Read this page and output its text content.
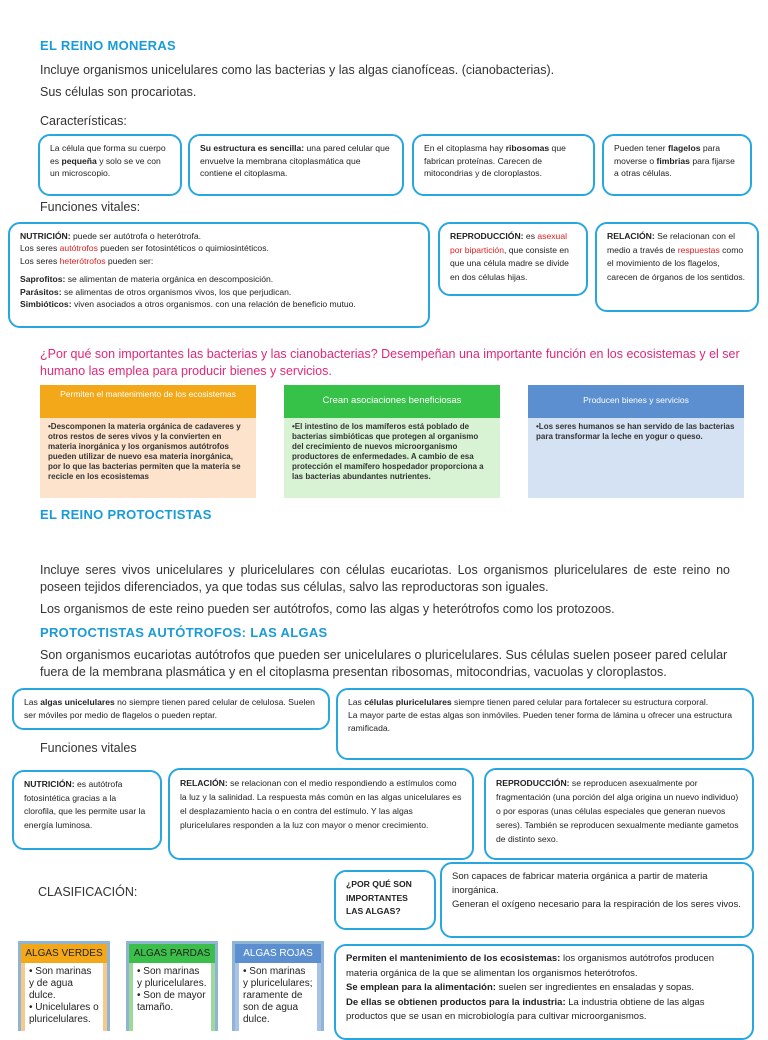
EL REINO MONERAS
Incluye organismos unicelulares como las bacterias y las algas cianofíceas. (cianobacterias).
Sus células son procariotas.
Características:
La célula que forma su cuerpo es pequeña y solo se ve con un microscopio.
Su estructura es sencilla: una pared celular que envuelve la membrana citoplasmática que contiene el citoplasma.
En el citoplasma hay ribosomas que fabrican proteínas. Carecen de mitocondrias y de cloroplastos.
Pueden tener flagelos para moverse o fimbrias para fijarse a otras células.
Funciones vitales:
NUTRICIÓN: puede ser autótrofa o heterótrofa.
Los seres autótrofos pueden ser fotosintéticos o quimiosintéticos.
Los seres heterótrofos pueden ser:
Saprofitos: se alimentan de materia orgánica en descomposición.
Parásitos: se alimentas de otros organismos vivos, los que perjudican.
Simbióticos: viven asociados a otros organismos. con una relación de beneficio mutuo.
REPRODUCCIÓN: es asexual por bipartición, que consiste en que una célula madre se divide en dos células hijas.
RELACIÓN: Se relacionan con el medio a través de respuestas como el movimiento de los flagelos, carecen de órganos de los sentidos.
¿Por qué son importantes las bacterias y las cianobacterias? Desempeñan una importante función en los ecosistemas y el ser humano las emplea para producir bienes y servicios.
Permiten el mantenimiento de los ecosistemas
•Descomponen la materia orgánica de cadaveres y otros restos de seres vivos y la convierten en materia inorgánica y los organismos autótrofos pueden utilizar de nuevo esa materia inorgánica, por lo que las bacterias permiten que la materia se recicle en los ecosistemas
Crean asociaciones beneficiosas
•El intestino de los mamíferos está poblado de bacterias simbióticas que protegen al organismo del crecimiento de nuevos microorganismo productores de enfermedades. A cambio de esa protección el mamífero hospedador proporciona a las bacterias abundantes nutrientes.
Producen bienes y servicios
•Los seres humanos se han servido de las bacterias para transformar la leche en yogur o queso.
EL REINO PROTOCTISTAS
Incluye seres vivos unicelulares y pluricelulares con células eucariotas. Los organismos pluricelulares de este reino no poseen tejidos diferenciados, ya que todas sus células, salvo las reproductoras son iguales.
Los organismos de este reino pueden ser autótrofos, como las algas y heterótrofos como los protozoos.
PROTOCTISTAS AUTÓTROFOS: LAS ALGAS
Son organismos eucariotas autótrofos que pueden ser unicelulares o pluricelulares. Sus células suelen poseer pared celular fuera de la membrana plasmática y en el citoplasma presentan ribosomas, mitocondrias, vacuolas y cloroplastos.
Las algas unicelulares no siempre tienen pared celular de celulosa. Suelen ser móviles por medio de flagelos o pueden reptar.
Las células pluricelulares siempre tienen pared celular para fortalecer su estructura corporal.
La mayor parte de estas algas son inmóviles. Pueden tener forma de lámina u ofrecer una estructura ramificada.
Funciones vitales
NUTRICIÓN: es autótrofa fotosintética gracias a la clorofila, que les permite usar la energía luminosa.
RELACIÓN: se relacionan con el medio respondiendo a estímulos como la luz y la salinidad. La respuesta más común en las algas unicelulares es el desplazamiento hacia o en contra del estímulo. Y las algas pluricelulares responden a la luz con mayor o menor crecimiento.
REPRODUCCIÓN: se reproducen asexualmente por fragmentación (una porción del alga origina un nuevo individuo) o por esporas (unas células especiales que generan nuevos seres). También se reproducen sexualmente mediante gametos de distinto sexo.
CLASIFICACIÓN:
¿POR QUÉ SON IMPORTANTES LAS ALGAS?
Son capaces de fabricar materia orgánica a partir de materia inorgánica.
Generan el oxígeno necesario para la respiración de los seres vivos.
Permiten el mantenimiento de los ecosistemas: los organismos autótrofos producen materia orgánica de la que se alimentan los organismos heterótrofos.
Se emplean para la alimentación: suelen ser ingredientes en ensaladas y sopas.
De ellas se obtienen productos para la industria: La industria obtiene de las algas productos que se usan en microbiología para cultivar microorganismos.
ALGAS VERDES
• Son marinas y de agua dulce.
• Unicelulares o pluricelulares.
ALGAS PARDAS
• Son marinas y pluricelulares.
• Son de mayor tamaño.
ALGAS ROJAS
• Son marinas y pluricelulares; raramente de son de agua dulce.
